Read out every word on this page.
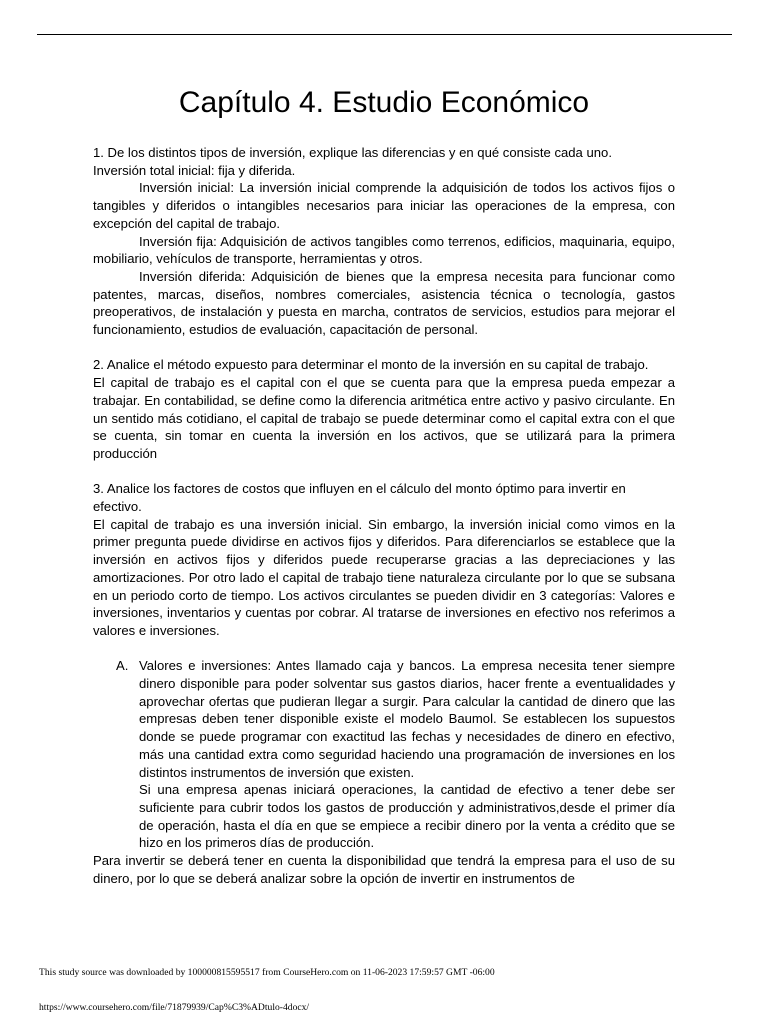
Capítulo 4. Estudio Económico

1. De los distintos tipos de inversión, explique las diferencias y en qué consiste cada uno.

Inversión total inicial: fija y diferida.

Inversión inicial: La inversión inicial comprende la adquisición de todos los activos fijos o tangibles y diferidos o intangibles necesarios para iniciar las operaciones de la empresa, con excepción del capital de trabajo.

Inversión fija: Adquisición de activos tangibles como terrenos, edificios, maquinaria, equipo, mobiliario, vehículos de transporte, herramientas y otros.

Inversión diferida: Adquisición de bienes que la empresa necesita para funcionar como patentes, marcas, diseños, nombres comerciales, asistencia técnica o tecnología, gastos preoperativos, de instalación y puesta en marcha, contratos de servicios, estudios para mejorar el funcionamiento, estudios de evaluación, capacitación de personal.

2. Analice el método expuesto para determinar el monto de la inversión en su capital de trabajo.

El capital de trabajo es el capital con el que se cuenta para que la empresa pueda empezar a trabajar. En contabilidad, se define como la diferencia aritmética entre activo y pasivo circulante. En un sentido más cotidiano, el capital de trabajo se puede determinar como el capital extra con el que se cuenta, sin tomar en cuenta la inversión en los activos, que se utilizará para la primera producción

3. Analice los factores de costos que influyen en el cálculo del monto óptimo para invertir en efectivo.

El capital de trabajo es una inversión inicial. Sin embargo, la inversión inicial como vimos en la primer pregunta puede dividirse en activos fijos y diferidos. Para diferenciarlos se establece que la inversión en activos fijos y diferidos puede recuperarse gracias a las depreciaciones y las amortizaciones. Por otro lado el capital de trabajo tiene naturaleza circulante por lo que se subsana en un periodo corto de tiempo. Los activos circulantes se pueden dividir en 3 categorías: Valores e inversiones, inventarios y cuentas por cobrar. Al tratarse de inversiones en efectivo nos referimos a valores e inversiones.

A. Valores e inversiones: Antes llamado caja y bancos. La empresa necesita tener siempre dinero disponible para poder solventar sus gastos diarios, hacer frente a eventualidades y aprovechar ofertas que pudieran llegar a surgir. Para calcular la cantidad de dinero que las empresas deben tener disponible existe el modelo Baumol. Se establecen los supuestos donde se puede programar con exactitud las fechas y necesidades de dinero en efectivo, más una cantidad extra como seguridad haciendo una programación de inversiones en los distintos instrumentos de inversión que existen.

Si una empresa apenas iniciará operaciones, la cantidad de efectivo a tener debe ser suficiente para cubrir todos los gastos de producción y administrativos,desde el primer día de operación, hasta el día en que se empiece a recibir dinero por la venta a crédito que se hizo en los primeros días de producción.

Para invertir se deberá tener en cuenta la disponibilidad que tendrá la empresa para el uso de su dinero, por lo que se deberá analizar sobre la opción de invertir en instrumentos de

This study source was downloaded by 100000815595517 from CourseHero.com on 11-06-2023 17:59:57 GMT -06:00
https://www.coursehero.com/file/71879939/Cap%C3%ADtulo-4docx/
